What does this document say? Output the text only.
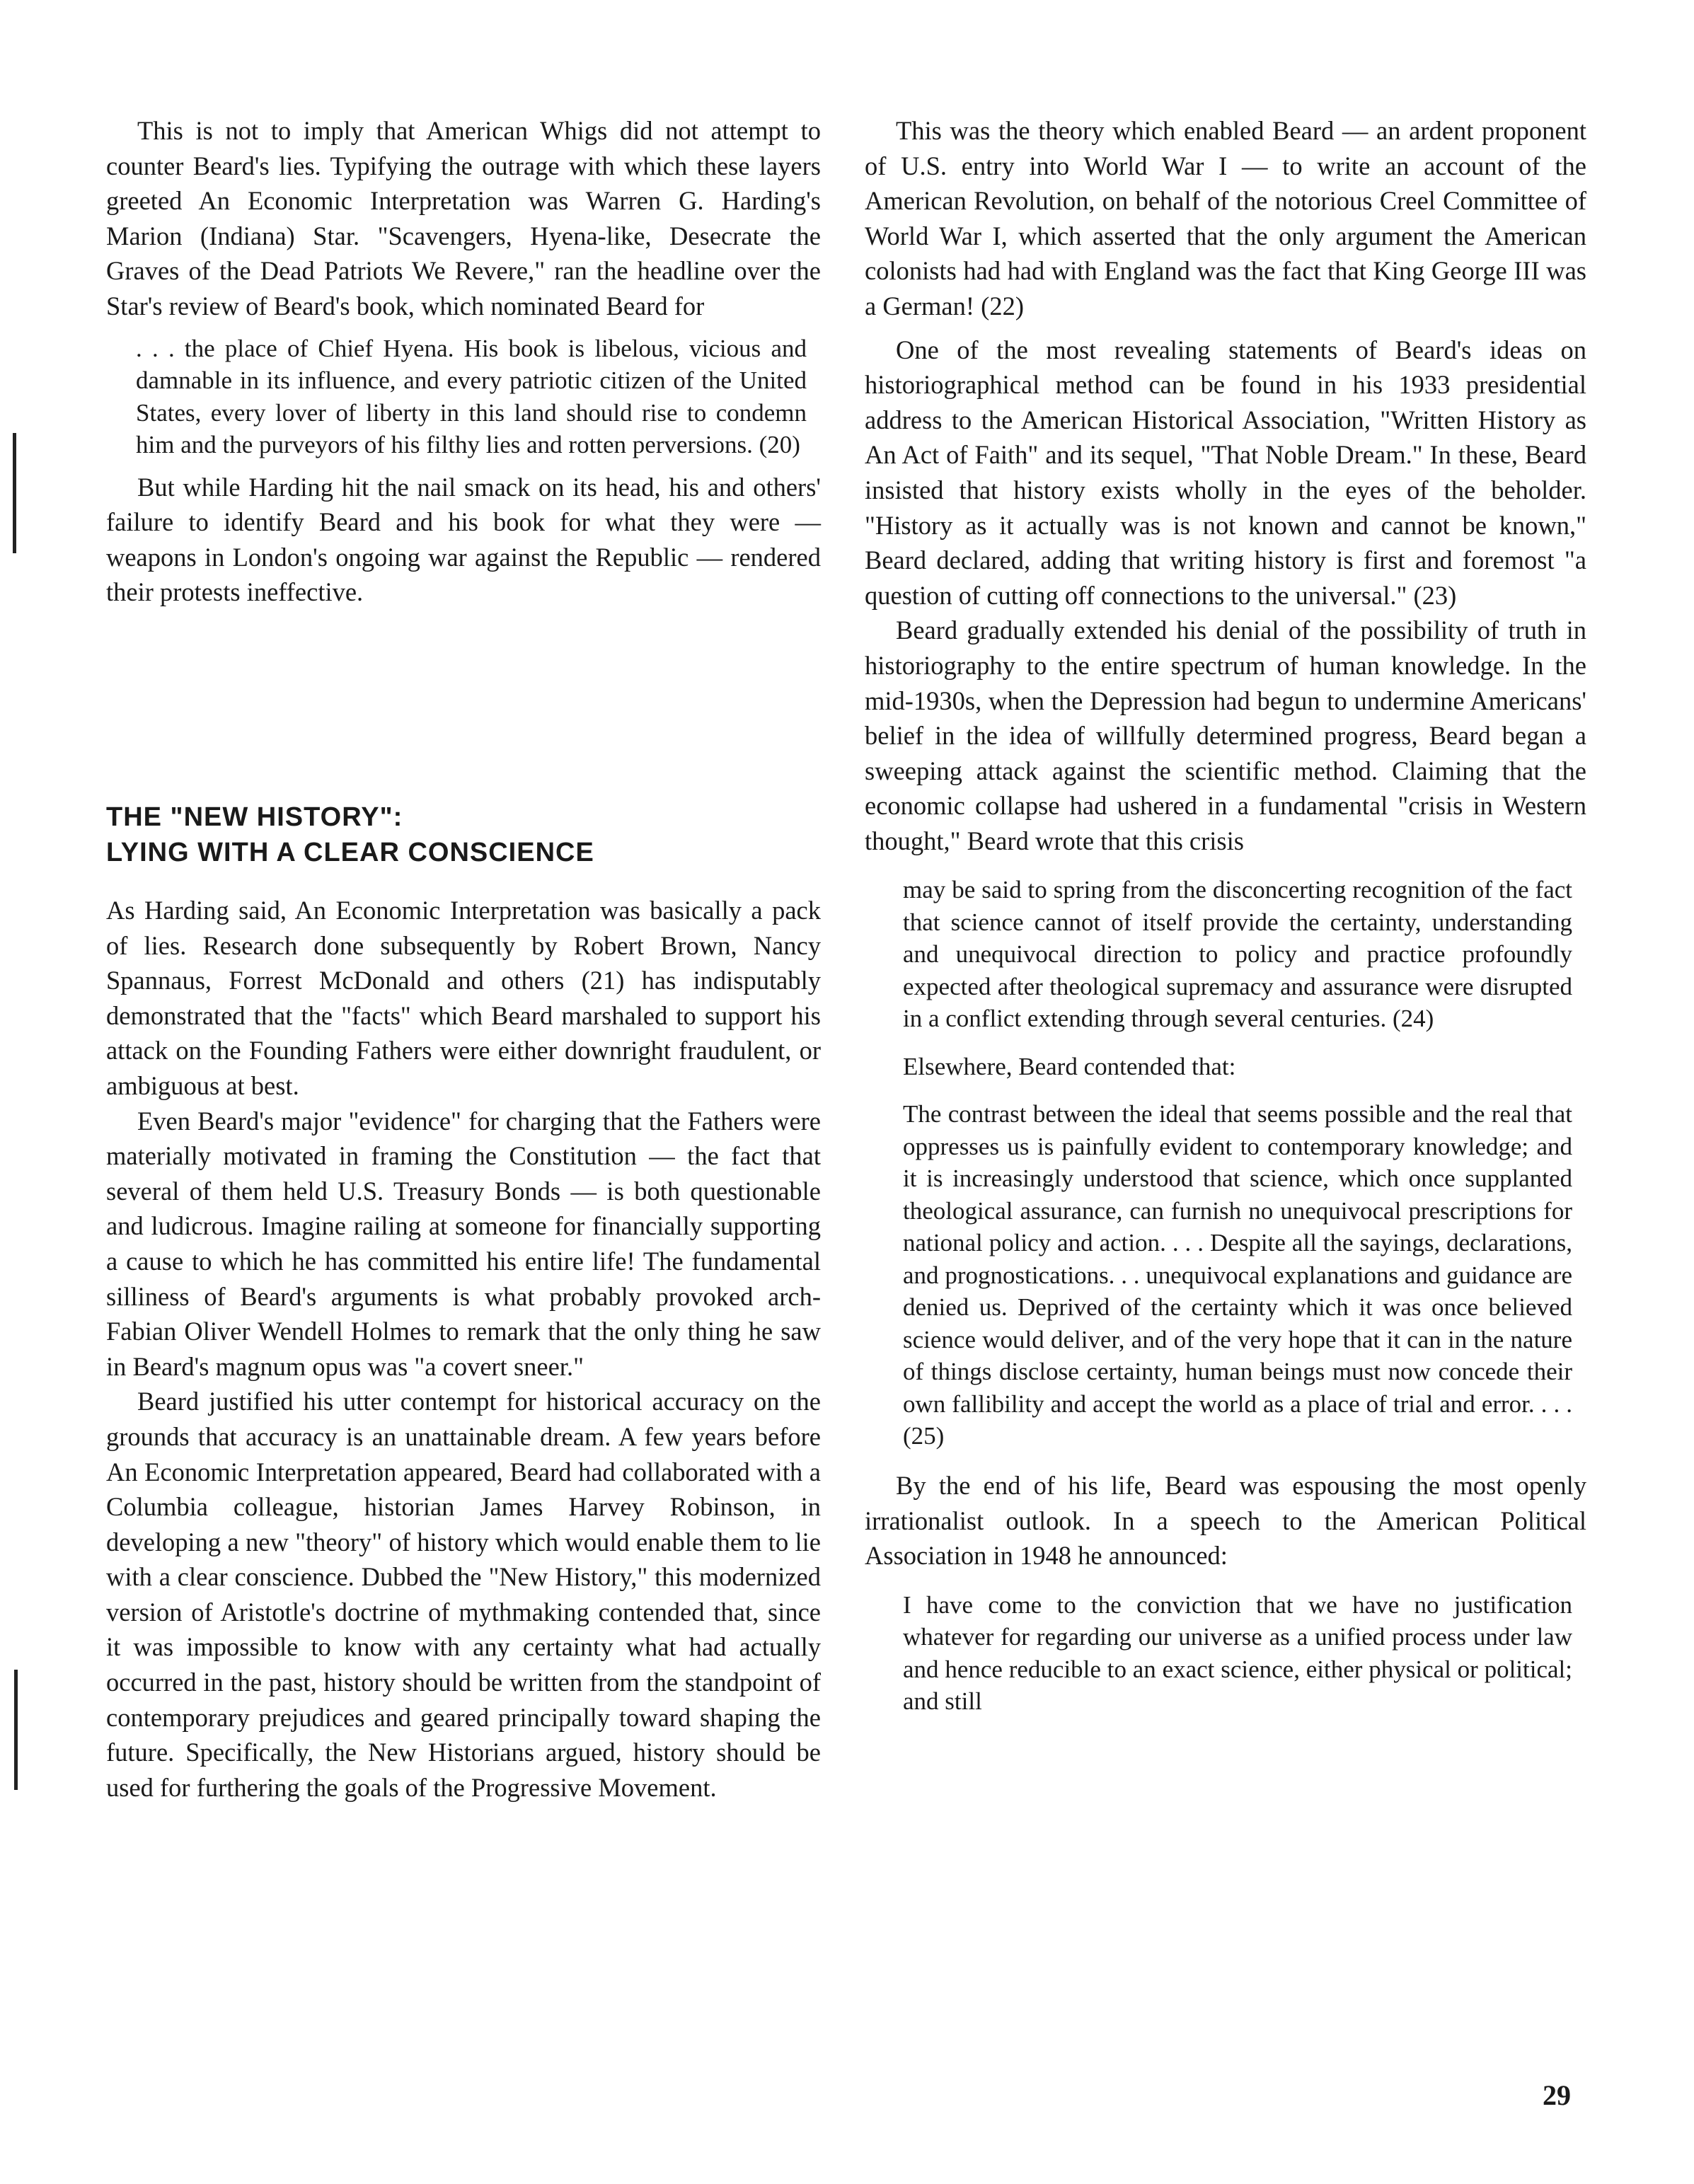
This is not to imply that American Whigs did not attempt to counter Beard's lies. Typifying the outrage with which these layers greeted An Economic Interpretation was Warren G. Harding's Marion (Indiana) Star. "Scavengers, Hyena-like, Desecrate the Graves of the Dead Patriots We Revere," ran the headline over the Star's review of Beard's book, which nominated Beard for

. . . the place of Chief Hyena. His book is libelous, vicious and damnable in its influence, and every patriotic citizen of the United States, every lover of liberty in this land should rise to condemn him and the purveyors of his filthy lies and rotten perversions. (20)

But while Harding hit the nail smack on its head, his and others' failure to identify Beard and his book for what they were — weapons in London's ongoing war against the Republic — rendered their protests ineffective.

THE "NEW HISTORY":
LYING WITH A CLEAR CONSCIENCE

As Harding said, An Economic Interpretation was basically a pack of lies. Research done subsequently by Robert Brown, Nancy Spannaus, Forrest McDonald and others (21) has indisputably demonstrated that the "facts" which Beard marshaled to support his attack on the Founding Fathers were either downright fraudulent, or ambiguous at best.

Even Beard's major "evidence" for charging that the Fathers were materially motivated in framing the Constitution — the fact that several of them held U.S. Treasury Bonds — is both questionable and ludicrous. Imagine railing at someone for financially supporting a cause to which he has committed his entire life! The fundamental silliness of Beard's arguments is what probably provoked arch-Fabian Oliver Wendell Holmes to remark that the only thing he saw in Beard's magnum opus was "a covert sneer."

Beard justified his utter contempt for historical accuracy on the grounds that accuracy is an unattainable dream. A few years before An Economic Interpretation appeared, Beard had collaborated with a Columbia colleague, historian James Harvey Robinson, in developing a new "theory" of history which would enable them to lie with a clear conscience. Dubbed the "New History," this modernized version of Aristotle's doctrine of mythmaking contended that, since it was impossible to know with any certainty what had actually occurred in the past, history should be written from the standpoint of contemporary prejudices and geared principally toward shaping the future. Specifically, the New Historians argued, history should be used for furthering the goals of the Progressive Movement.

This was the theory which enabled Beard — an ardent proponent of U.S. entry into World War I — to write an account of the American Revolution, on behalf of the notorious Creel Committee of World War I, which asserted that the only argument the American colonists had had with England was the fact that King George III was a German! (22)

One of the most revealing statements of Beard's ideas on historiographical method can be found in his 1933 presidential address to the American Historical Association, "Written History as An Act of Faith" and its sequel, "That Noble Dream." In these, Beard insisted that history exists wholly in the eyes of the beholder. "History as it actually was is not known and cannot be known," Beard declared, adding that writing history is first and foremost "a question of cutting off connections to the universal." (23)

Beard gradually extended his denial of the possibility of truth in historiography to the entire spectrum of human knowledge. In the mid-1930s, when the Depression had begun to undermine Americans' belief in the idea of willfully determined progress, Beard began a sweeping attack against the scientific method. Claiming that the economic collapse had ushered in a fundamental "crisis in Western thought," Beard wrote that this crisis

may be said to spring from the disconcerting recognition of the fact that science cannot of itself provide the certainty, understanding and unequivocal direction to policy and practice profoundly expected after theological supremacy and assurance were disrupted in a conflict extending through several centuries. (24)

Elsewhere, Beard contended that:

The contrast between the ideal that seems possible and the real that oppresses us is painfully evident to contemporary knowledge; and it is increasingly understood that science, which once supplanted theological assurance, can furnish no unequivocal prescriptions for national policy and action. . . . Despite all the sayings, declarations, and prognostications. . . unequivocal explanations and guidance are denied us. Deprived of the certainty which it was once believed science would deliver, and of the very hope that it can in the nature of things disclose certainty, human beings must now concede their own fallibility and accept the world as a place of trial and error. . . . (25)

By the end of his life, Beard was espousing the most openly irrationalist outlook. In a speech to the American Political Association in 1948 he announced:

I have come to the conviction that we have no justification whatever for regarding our universe as a unified process under law and hence reducible to an exact science, either physical or political; and still

29
